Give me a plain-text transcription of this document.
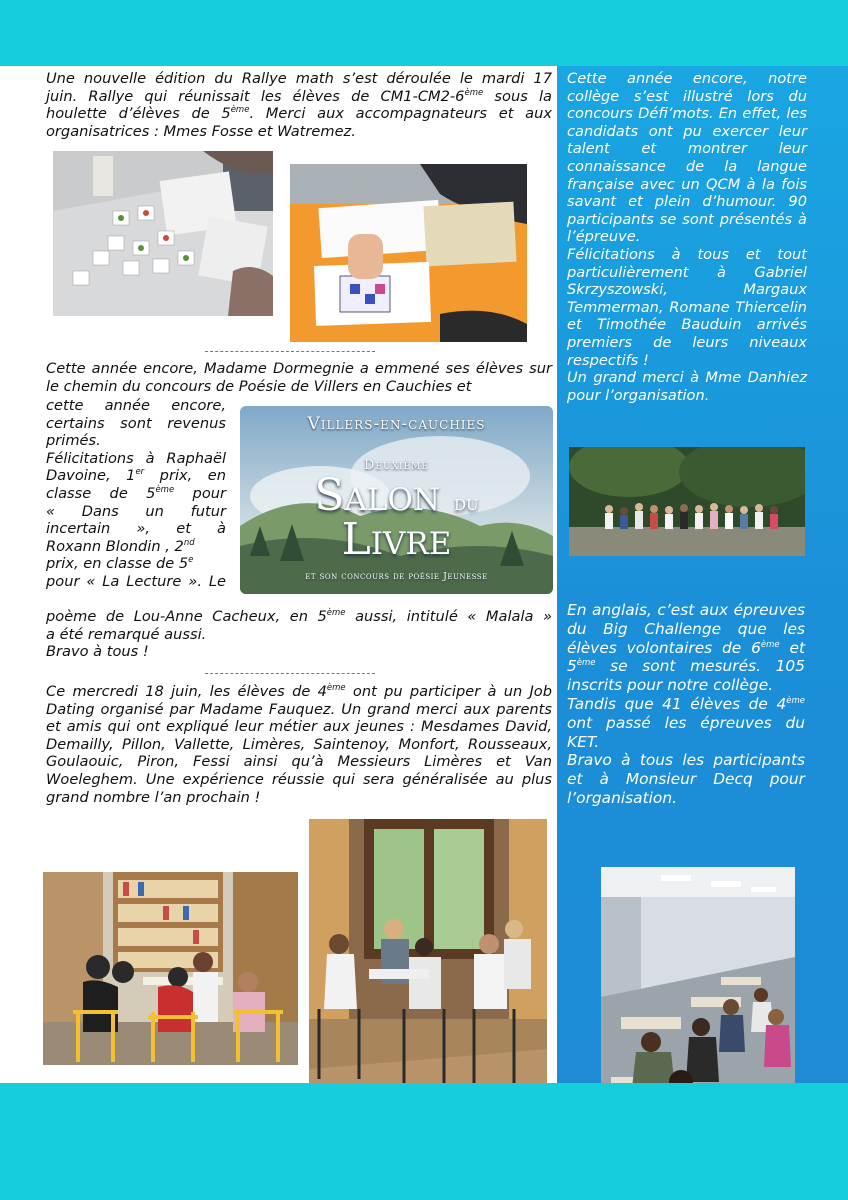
Une nouvelle édition du Rallye math s’est déroulée le mardi 17

juin. Rallye qui réunissait les élèves de CM1-CM2-6ème sous la

houlette d’élèves de 5ème. Merci aux accompagnateurs et aux

organisatrices : Mmes Fosse et Watremez.

Cette année encore, Madame Dormegnie a emmené ses élèves sur le chemin du concours de Poésie de Villers en Cauchies et

cette année encore,

certains sont revenus

primés.

Félicitations à Raphaël

Davoine, 1er prix, en

classe de 5ème pour

« Dans un futur

incertain », et à

Roxann Blondin , 2nd

prix, en classe de 5e

pour « La Lecture ». Le

poème de Lou-Anne Cacheux, en 5ème aussi, intitulé « Malala »

a été remarqué aussi.

Bravo à tous !

Villers-en-cauchies
Deuxième
Salon du
Livre
et son concours de poésie Jeunesse

Ce mercredi 18 juin, les élèves de 4ème ont pu participer à un Job

Dating organisé par Madame Fauquez. Un grand merci aux parents et amis qui ont expliqué leur métier aux jeunes : Mesdames David, Demailly, Pillon, Vallette, Limères, Saintenoy, Monfort, Rousseaux, Goulaouic, Piron, Fessi ainsi qu’à Messieurs Limères et Van Woeleghem. Une expérience réussie qui sera généralisée au plus grand nombre l’an prochain !

Cette année encore, notre collège s’est illustré lors du concours Défi’mots. En effet, les candidats ont pu exercer leur talent et montrer leur connaissance de la langue française avec un QCM à la fois savant et plein d’humour. 90 participants se sont présentés à l’épreuve.

Félicitations à tous et tout particulièrement à Gabriel Skrzyszowski, Margaux Temmerman, Romane Thiercelin et Timothée Bauduin arrivés premiers de leurs niveaux respectifs !

Un grand merci à Mme Danhiez pour l’organisation.

En anglais, c’est aux épreuves du Big Challenge que les élèves volontaires de 6ème et 5ème se sont mesurés. 105 inscrits pour notre collège.

Tandis que 41 élèves de 4ème ont passé les épreuves du KET.

Bravo à tous les participants et à Monsieur Decq pour l’organisation.
